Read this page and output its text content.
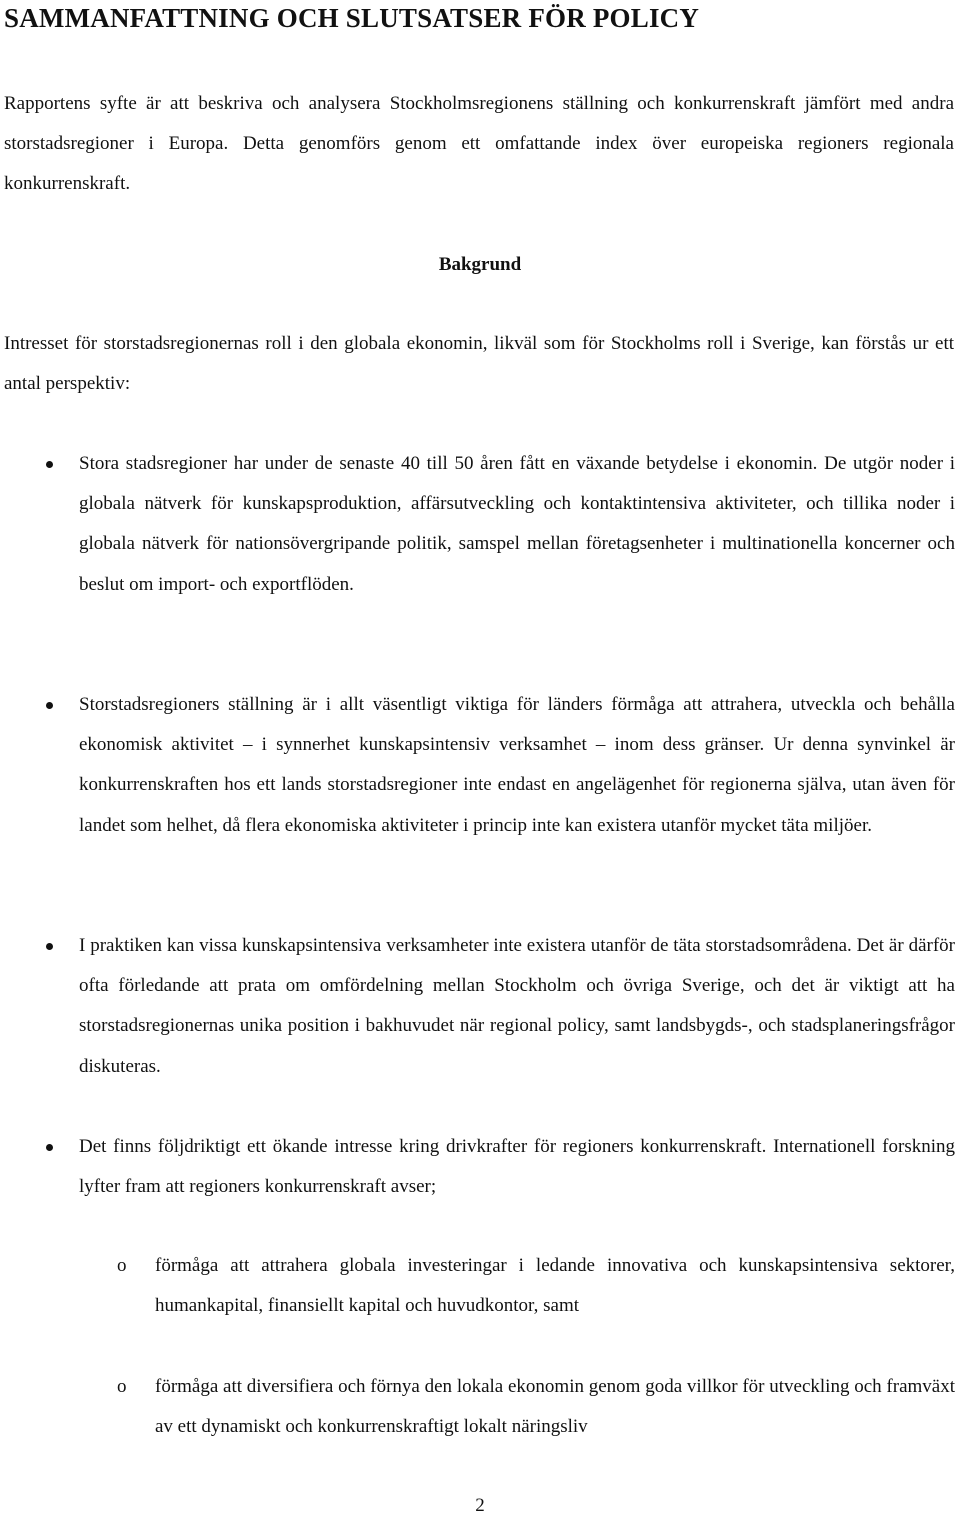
SAMMANFATTNING OCH SLUTSATSER FÖR POLICY
Rapportens syfte är att beskriva och analysera Stockholmsregionens ställning och konkurrenskraft jämfört med andra storstadsregioner i Europa. Detta genomförs genom ett omfattande index över europeiska regioners regionala konkurrenskraft.
Bakgrund
Intresset för storstadsregionernas roll i den globala ekonomin, likväl som för Stockholms roll i Sverige, kan förstås ur ett antal perspektiv:
Stora stadsregioner har under de senaste 40 till 50 åren fått en växande betydelse i ekonomin. De utgör noder i globala nätverk för kunskapsproduktion, affärsutveckling och kontaktintensiva aktiviteter, och tillika noder i globala nätverk för nationsövergripande politik, samspel mellan företagsenheter i multinationella koncerner och beslut om import- och exportflöden.
Storstadsregioners ställning är i allt väsentligt viktiga för länders förmåga att attrahera, utveckla och behålla ekonomisk aktivitet – i synnerhet kunskapsintensiv verksamhet – inom dess gränser. Ur denna synvinkel är konkurrenskraften hos ett lands storstadsregioner inte endast en angelägenhet för regionerna själva, utan även för landet som helhet, då flera ekonomiska aktiviteter i princip inte kan existera utanför mycket täta miljöer.
I praktiken kan vissa kunskapsintensiva verksamheter inte existera utanför de täta storstadsområdena. Det är därför ofta förledande att prata om omfördelning mellan Stockholm och övriga Sverige, och det är viktigt att ha storstadsregionernas unika position i bakhuvudet när regional policy, samt landsbygds-, och stadsplaneringsfrågor diskuteras.
Det finns följdriktigt ett ökande intresse kring drivkrafter för regioners konkurrenskraft. Internationell forskning lyfter fram att regioners konkurrenskraft avser;
o	förmåga att attrahera globala investeringar i ledande innovativa och kunskapsintensiva sektorer, humankapital, finansiellt kapital och huvudkontor, samt
o	förmåga att diversifiera och förnya den lokala ekonomin genom goda villkor för utveckling och framväxt av ett dynamiskt och konkurrenskraftigt lokalt näringsliv
2
